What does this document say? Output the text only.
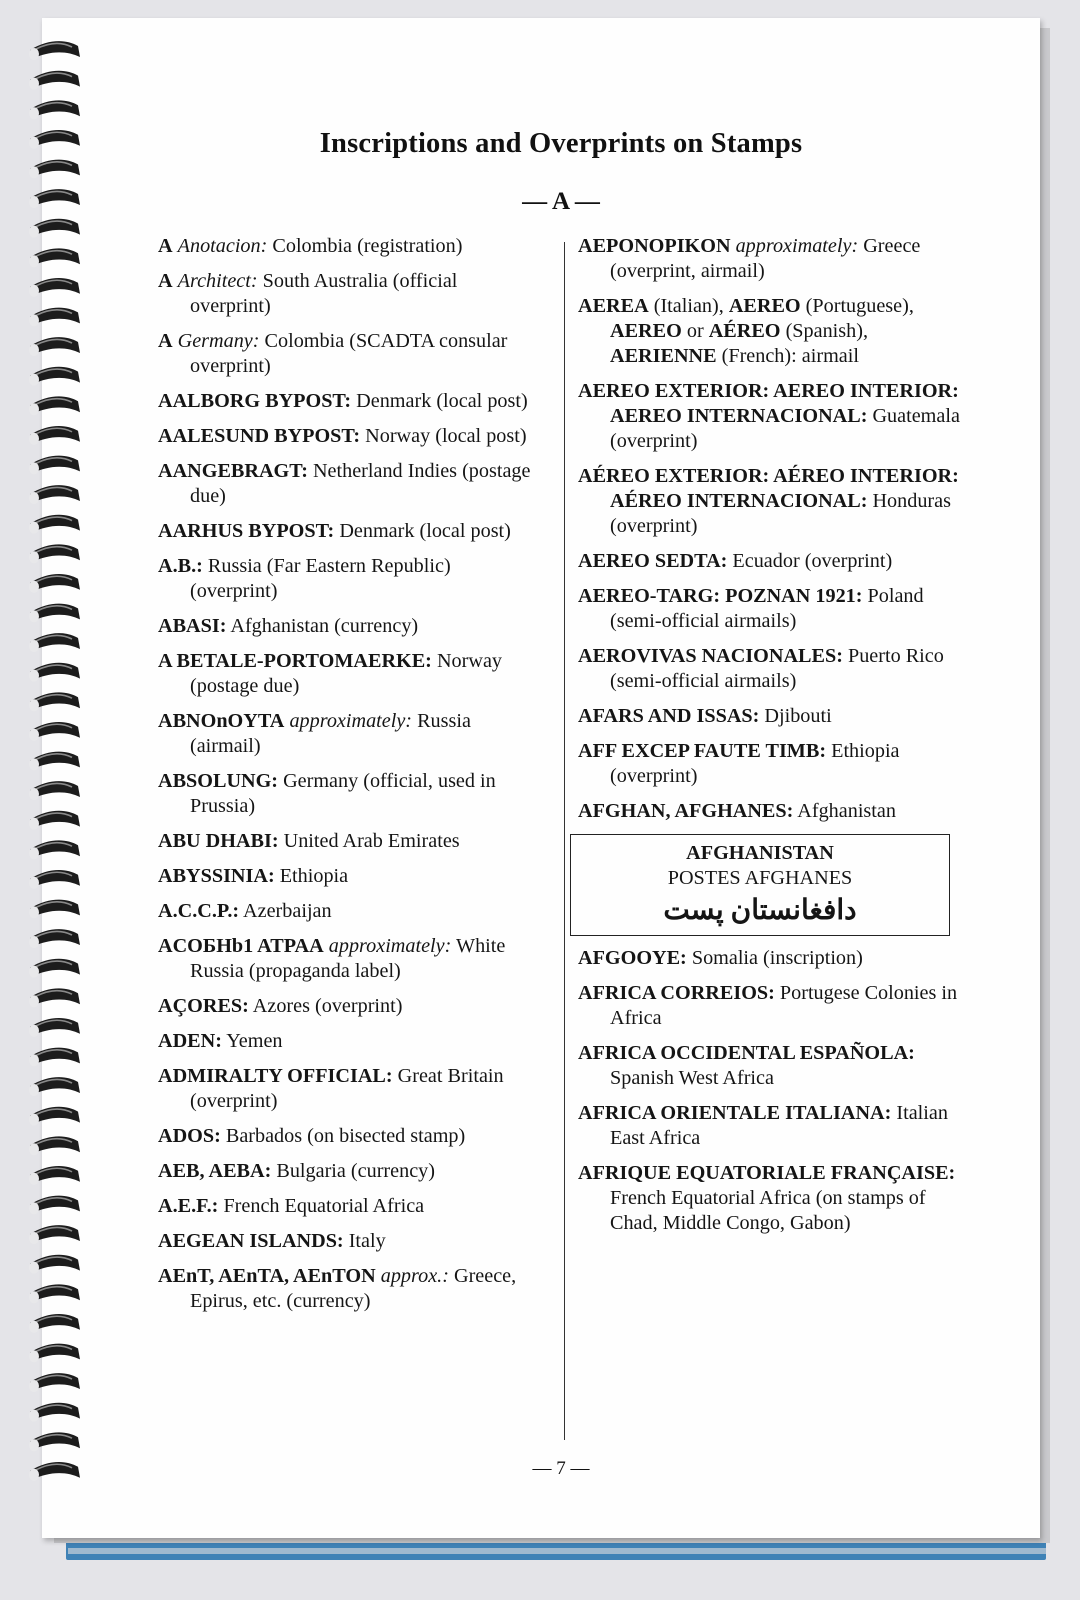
Inscriptions and Overprints on Stamps
— A —
A Anotacion: Colombia (registration)
A Architect: South Australia (official overprint)
A Germany: Colombia (SCADTA consular overprint)
AALBORG BYPOST: Denmark (local post)
AALESUND BYPOST: Norway (local post)
AANGEBRAGT: Netherland Indies (postage due)
AARHUS BYPOST: Denmark (local post)
A.B.: Russia (Far Eastern Republic) (overprint)
ABASI: Afghanistan (currency)
A BETALE-PORTOMAERKE: Norway (postage due)
ABNOnOYTA approximately: Russia (airmail)
ABSOLUNG: Germany (official, used in Prussia)
ABU DHABI: United Arab Emirates
ABYSSINIA: Ethiopia
A.C.C.P.: Azerbaijan
ACOБHb1 ATPAA approximately: White Russia (propaganda label)
AÇORES: Azores (overprint)
ADEN: Yemen
ADMIRALTY OFFICIAL: Great Britain (overprint)
ADOS: Barbados (on bisected stamp)
AEB, AEBA: Bulgaria (currency)
A.E.F.: French Equatorial Africa
AEGEAN ISLANDS: Italy
AEnT, AEnTA, AEnTON approx.: Greece, Epirus, etc. (currency)
AEPONOPIKON approximately: Greece (overprint, airmail)
AEREA (Italian), AEREO (Portuguese), AEREO or AÉREO (Spanish), AERIENNE (French): airmail
AEREO EXTERIOR: AEREO INTERIOR: AEREO INTERNACIONAL: Guatemala (overprint)
AÉREO EXTERIOR: AÉREO INTERIOR: AÉREO INTERNACIONAL: Honduras (overprint)
AEREO SEDTA: Ecuador (overprint)
AEREO-TARG: POZNAN 1921: Poland (semi-official airmails)
AEROVIVAS NACIONALES: Puerto Rico (semi-official airmails)
AFARS AND ISSAS: Djibouti
AFF EXCEP FAUTE TIMB: Ethiopia (overprint)
AFGHAN, AFGHANES: Afghanistan
AFGHANISTAN
POSTES AFGHANES
دافغانستان پست
AFGOOYE: Somalia (inscription)
AFRICA CORREIOS: Portugese Colonies in Africa
AFRICA OCCIDENTAL ESPAÑOLA: Spanish West Africa
AFRICA ORIENTALE ITALIANA: Italian East Africa
AFRIQUE EQUATORIALE FRANÇAISE: French Equatorial Africa (on stamps of Chad, Middle Congo, Gabon)
— 7 —
